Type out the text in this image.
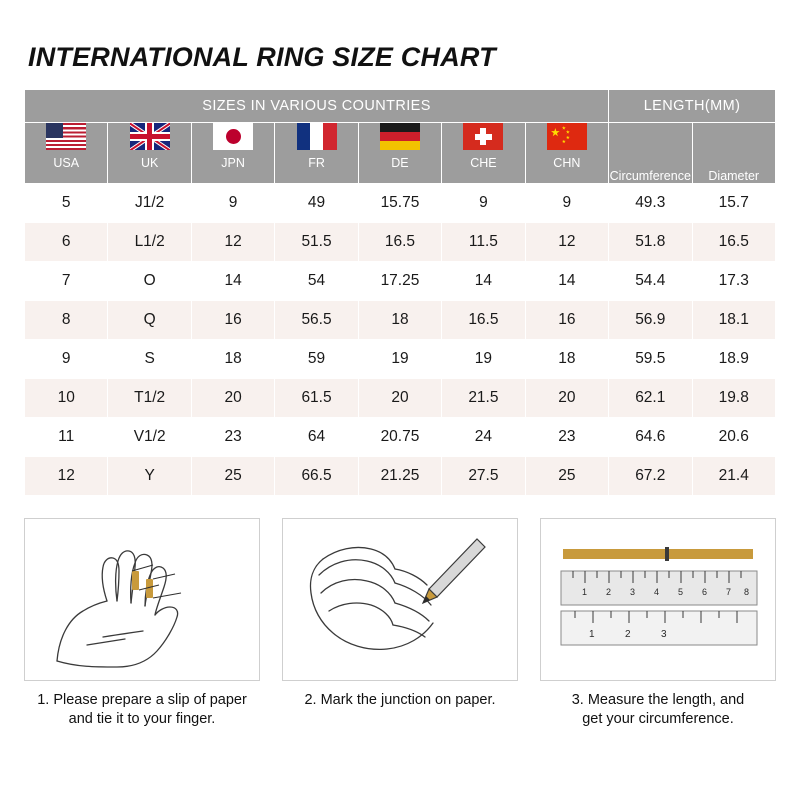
INTERNATIONAL RING SIZE CHART
SIZES IN VARIOUS COUNTRIES							LENGTH(MM)	

USA	UK	JPN	FR	DE	CHE	CHN	Circumference	Diameter
5	J1/2	9	49	15.75	9	9	49.3	15.7
6	L1/2	12	51.5	16.5	11.5	12	51.8	16.5
7	O	14	54	17.25	14	14	54.4	17.3
8	Q	16	56.5	18	16.5	16	56.9	18.1
9	S	18	59	19	19	18	59.5	18.9
10	T1/2	20	61.5	20	21.5	20	62.1	19.8
11	V1/2	23	64	20.75	24	23	64.6	20.6
12	Y	25	66.5	21.25	27.5	25	67.2	21.4
1. Please prepare a slip of paper
and tie it to your finger.
2. Mark the junction on paper.
1 2 3 4 5 6 7 8
1	2	3
3. Measure the length, and
get your circumference.
